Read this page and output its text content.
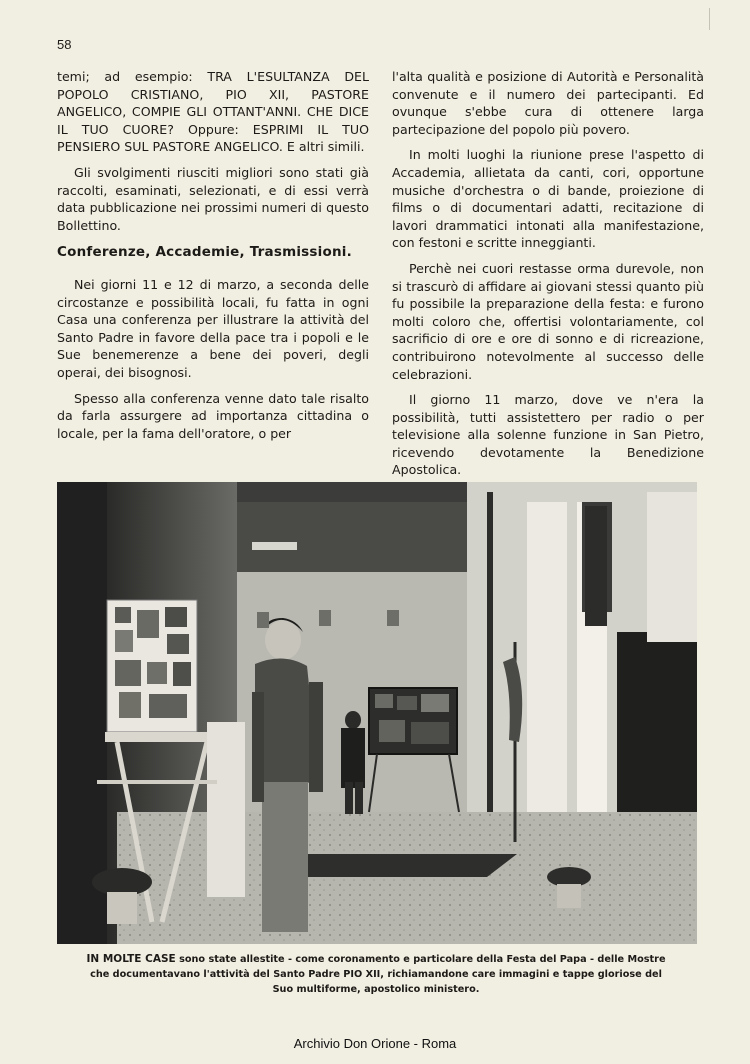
58

temi; ad esempio: TRA L'ESULTANZA DEL POPOLO CRISTIANO, PIO XII, PASTORE ANGELICO, COMPIE GLI OTTANT'ANNI. CHE DICE IL TUO CUORE? Oppure: ESPRIMI IL TUO PENSIERO SUL PASTORE ANGELICO. E altri simili.

Gli svolgimenti riusciti migliori sono stati già raccolti, esaminati, selezionati, e di essi verrà data pubblicazione nei prossimi numeri di questo Bollettino.

Conferenze, Accademie, Trasmissioni.

Nei giorni 11 e 12 di marzo, a seconda delle circostanze e possibilità locali, fu fatta in ogni Casa una conferenza per illustrare la attività del Santo Padre in favore della pace tra i popoli e le Sue benemerenze a bene dei poveri, degli operai, dei bisognosi.

Spesso alla conferenza venne dato tale risalto da farla assurgere ad importanza cittadina o locale, per la fama dell'oratore, o per

l'alta qualità e posizione di Autorità e Personalità convenute e il numero dei partecipanti. Ed ovunque s'ebbe cura di ottenere larga partecipazione del popolo più povero.

In molti luoghi la riunione prese l'aspetto di Accademia, allietata da canti, cori, opportune musiche d'orchestra o di bande, proiezione di films o di documentari adatti, recitazione di lavori drammatici intonati alla manifestazione, con festoni e scritte inneggianti.

Perchè nei cuori restasse orma durevole, non si trascurò di affidare ai giovani stessi quanto più fu possibile la preparazione della festa: e furono molti coloro che, offertisi volontariamente, col sacrificio di ore e ore di sonno e di ricreazione, contribuirono notevolmente al successo delle celebrazioni.

Il giorno 11 marzo, dove ve n'era la possibilità, tutti assistettero per radio o per televisione alla solenne funzione in San Pietro, ricevendo devotamente la Benedizione Apostolica.

IN MOLTE CASE sono state allestite - come coronamento e particolare della Festa del Papa - delle Mostre che documentavano l'attività del Santo Padre PIO XII, richiamandone care immagini e tappe gloriose del Suo multiforme, apostolico ministero.
Archivio Don Orione - Roma
